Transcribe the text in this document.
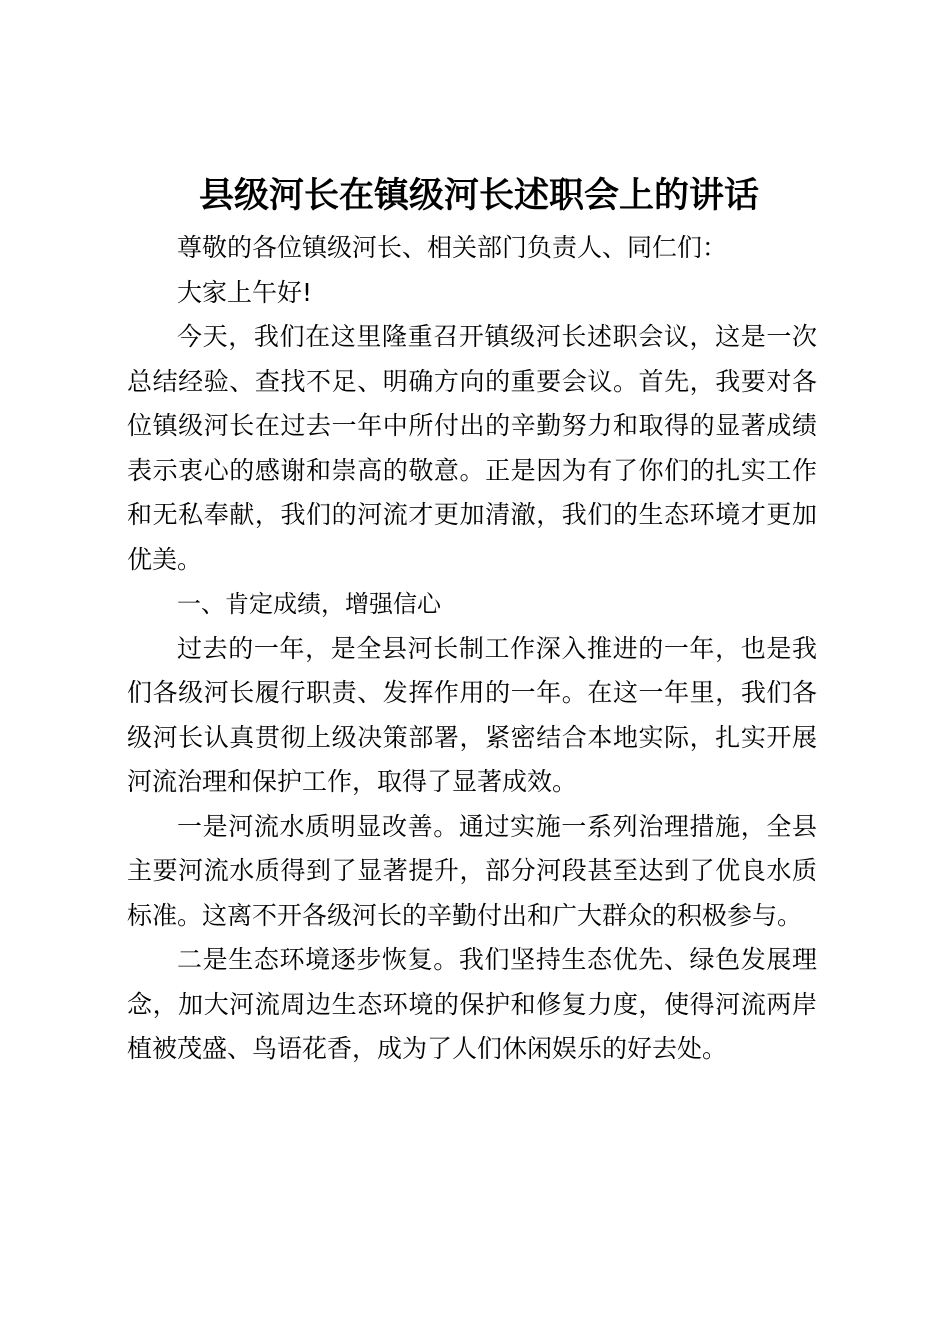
县级河长在镇级河长述职会上的讲话

尊敬的各位镇级河长、相关部门负责人、同仁们：

大家上午好!

今天，我们在这里隆重召开镇级河长述职会议，这是一次总结经验、查找不足、明确方向的重要会议。首先，我要对各位镇级河长在过去一年中所付出的辛勤努力和取得的显著成绩表示衷心的感谢和崇高的敬意。正是因为有了你们的扎实工作和无私奉献，我们的河流才更加清澈，我们的生态环境才更加优美。

一、肯定成绩，增强信心

过去的一年，是全县河长制工作深入推进的一年，也是我们各级河长履行职责、发挥作用的一年。在这一年里，我们各级河长认真贯彻上级决策部署，紧密结合本地实际，扎实开展河流治理和保护工作，取得了显著成效。

一是河流水质明显改善。通过实施一系列治理措施，全县主要河流水质得到了显著提升，部分河段甚至达到了优良水质标准。这离不开各级河长的辛勤付出和广大群众的积极参与。

二是生态环境逐步恢复。我们坚持生态优先、绿色发展理念，加大河流周边生态环境的保护和修复力度，使得河流两岸植被茂盛、鸟语花香，成为了人们休闲娱乐的好去处。
